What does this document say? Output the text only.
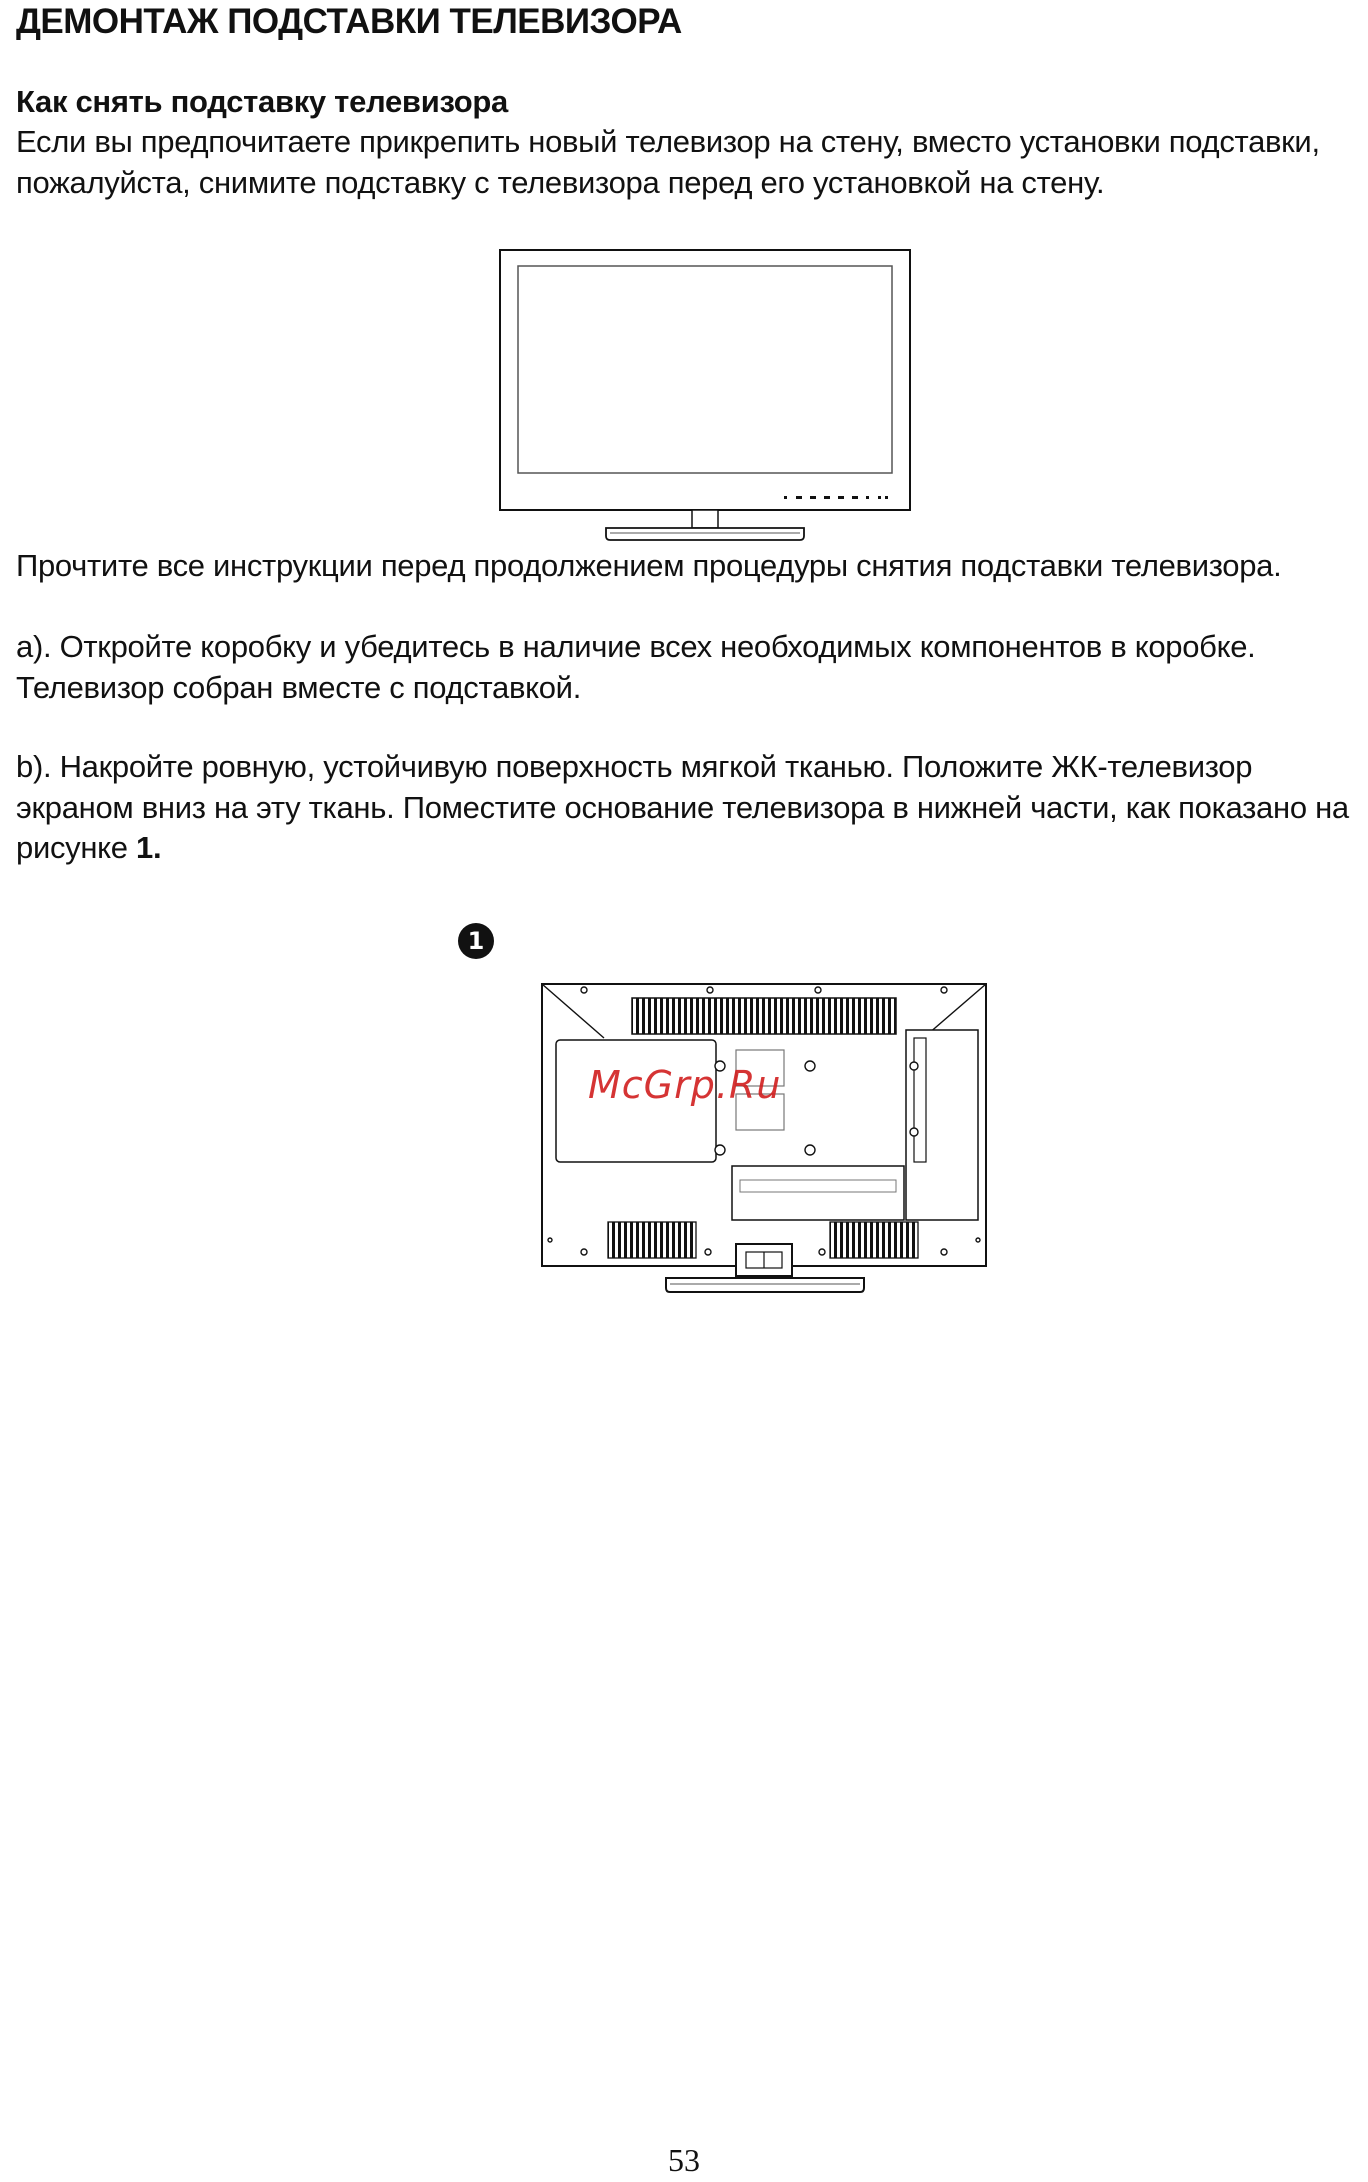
ДЕМОНТАЖ ПОДСТАВКИ ТЕЛЕВИЗОРА
Как снять подставку телевизора

Если вы предпочитаете прикрепить новый телевизор на стену, вместо установки подставки, пожалуйста, снимите подставку с телевизора перед его установкой на стену.

Прочтите все инструкции перед продолжением процедуры снятия подставки телевизора.

а). Откройте коробку и убедитесь в наличие всех необходимых компонентов в коробке. Телевизор собран вместе с подставкой.

b). Накройте ровную, устойчивую поверхность мягкой тканью. Положите ЖК-телевизор экраном вниз на эту ткань. Поместите основание телевизора в нижней части, как показано на рисунке 1.

1
McGrp.Ru
53
